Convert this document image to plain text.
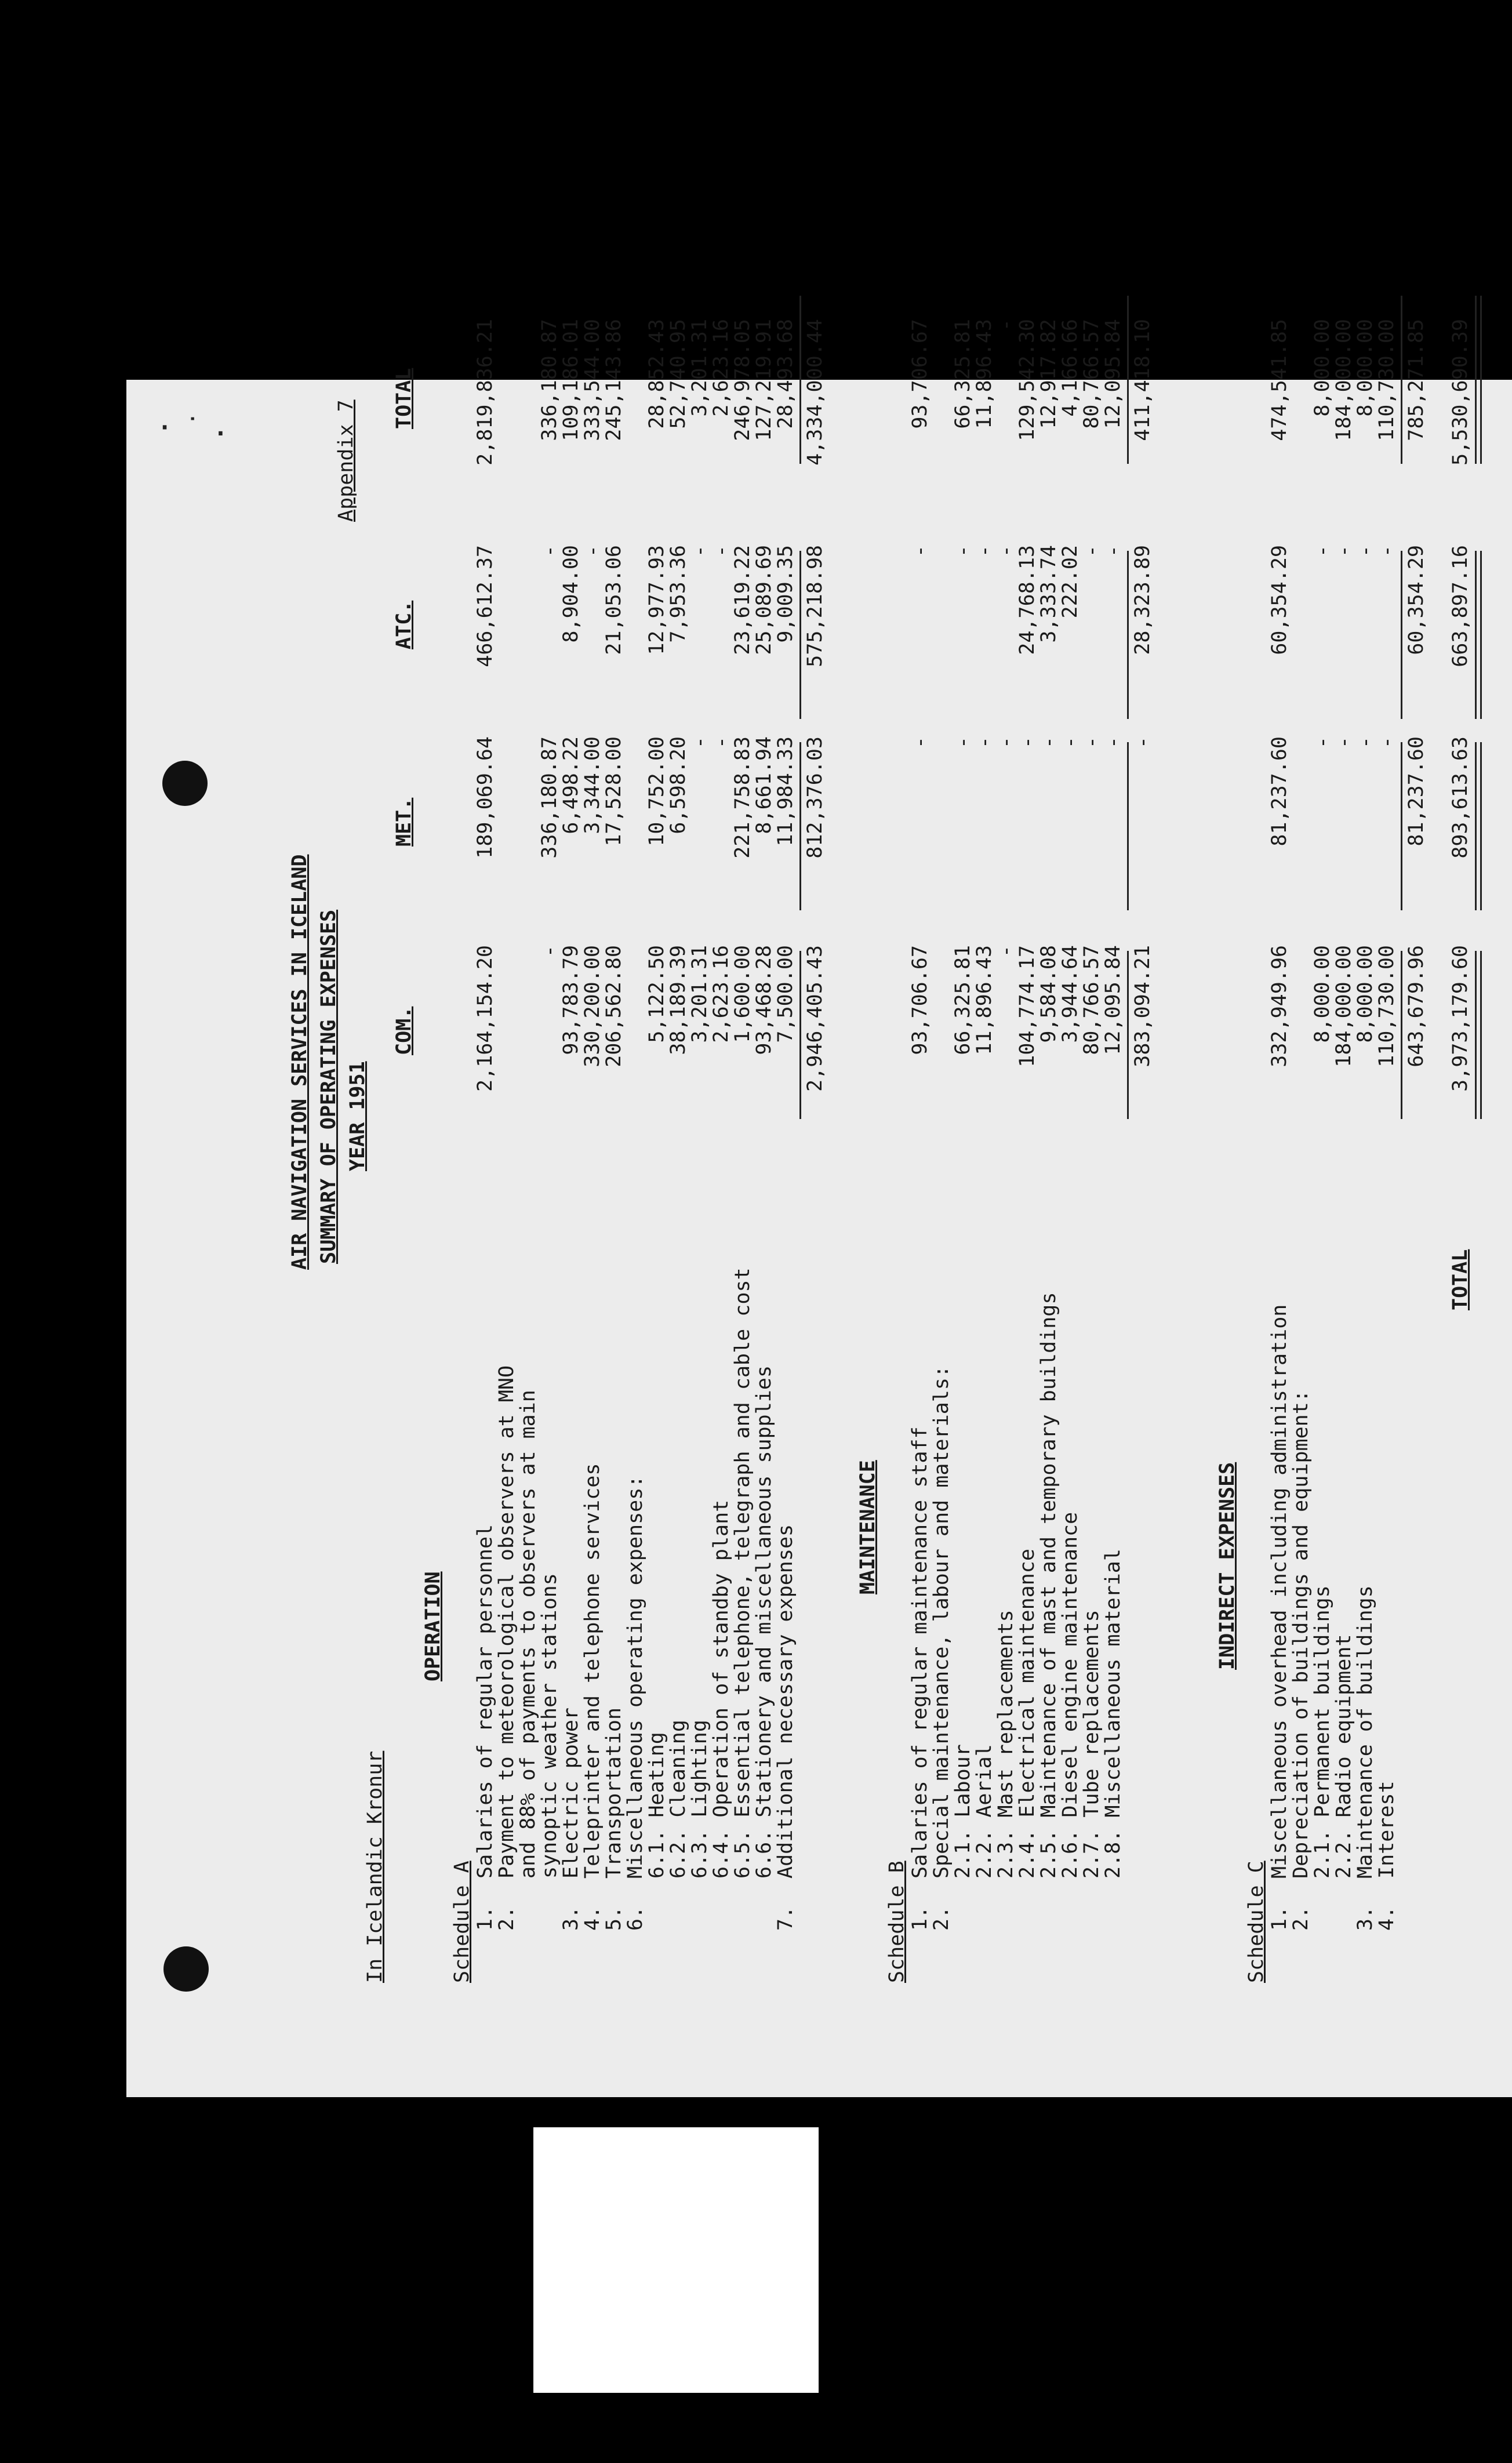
· ˙ .
AIR NAVIGATION SERVICES IN ICELAND SUMMARY OF OPERATING EXPENSES YEAR 1951
Appendix 7
In Icelandic Kronur
COM.
MET.
ATC.
TOTAL
OPERATION
Schedule A
MAINTENANCE
Schedule B
INDIRECT EXPENSES
Schedule C
1.
Salaries of regular personnel
2,164,154.20
189,069.64
466,612.37
2,819,836.21
2.
Payment to meteorological observers at MNO
and 88% of payments to observers at main
synoptic weather stations
-
336,180.87
-
336,180.87
3.
Electric power
93,783.79
6,498.22
8,904.00
109,186.01
4.
Teleprinter and telephone services
330,200.00
3,344.00
-
333,544.00
5.
Transportation
206,562.80
17,528.00
21,053.06
245,143.86
6.
Miscellaneous operating expenses:
6.1. Heating
5,122.50
10,752.00
12,977.93
28,852.43
6.2. Cleaning
38,189.39
6,598.20
7,953.36
52,740.95
6.3. Lighting
3,201.31
-
-
3,201.31
6.4. Operation of standby plant
2,623.16
-
-
2,623.16
6.5. Essential telephone, telegraph and cable cost
1,600.00
221,758.83
23,619.22
246,978.05
6.6. Stationery and miscellaneous supplies
93,468.28
8,661.94
25,089.69
127,219.91
7.
Additional necessary expenses
7,500.00
11,984.33
9,009.35
28,493.68
2,946,405.43
812,376.03
575,218.98
4,334,000.44
1.
Salaries of regular maintenance staff
93,706.67
-
-
93,706.67
2.
Special maintenance, labour and materials:
2.1. Labour
66,325.81
-
-
66,325.81
2.2. Aerial
11,896.43
-
-
11,896.43
2.3. Mast replacements
-
-
-
-
2.4. Electrical maintenance
104,774.17
-
24,768.13
129,542.30
2.5. Maintenance of mast and temporary buildings
9,584.08
-
3,333.74
12,917.82
2.6. Diesel engine maintenance
3,944.64
-
222.02
4,166.66
2.7. Tube replacements
80,766.57
-
-
80,766.57
2.8. Miscellaneous material
12,095.84
-
-
12,095.84
383,094.21
-
28,323.89
411,418.10
1.
Miscellaneous overhead including administration
332,949.96
81,237.60
60,354.29
474,541.85
2.
Depreciation of buildings and equipment:
2.1. Permanent buildings
8,000.00
-
-
8,000.00
2.2. Radio equipment
184,000.00
-
-
184,000.00
3.
Maintenance of buildings
8,000.00
-
-
8,000.00
4.
Interest
110,730.00
-
-
110,730.00
643,679.96
81,237.60
60,354.29
785,271.85
TOTAL
3,973,179.60
893,613.63
663,897.16
5,530,690.39
